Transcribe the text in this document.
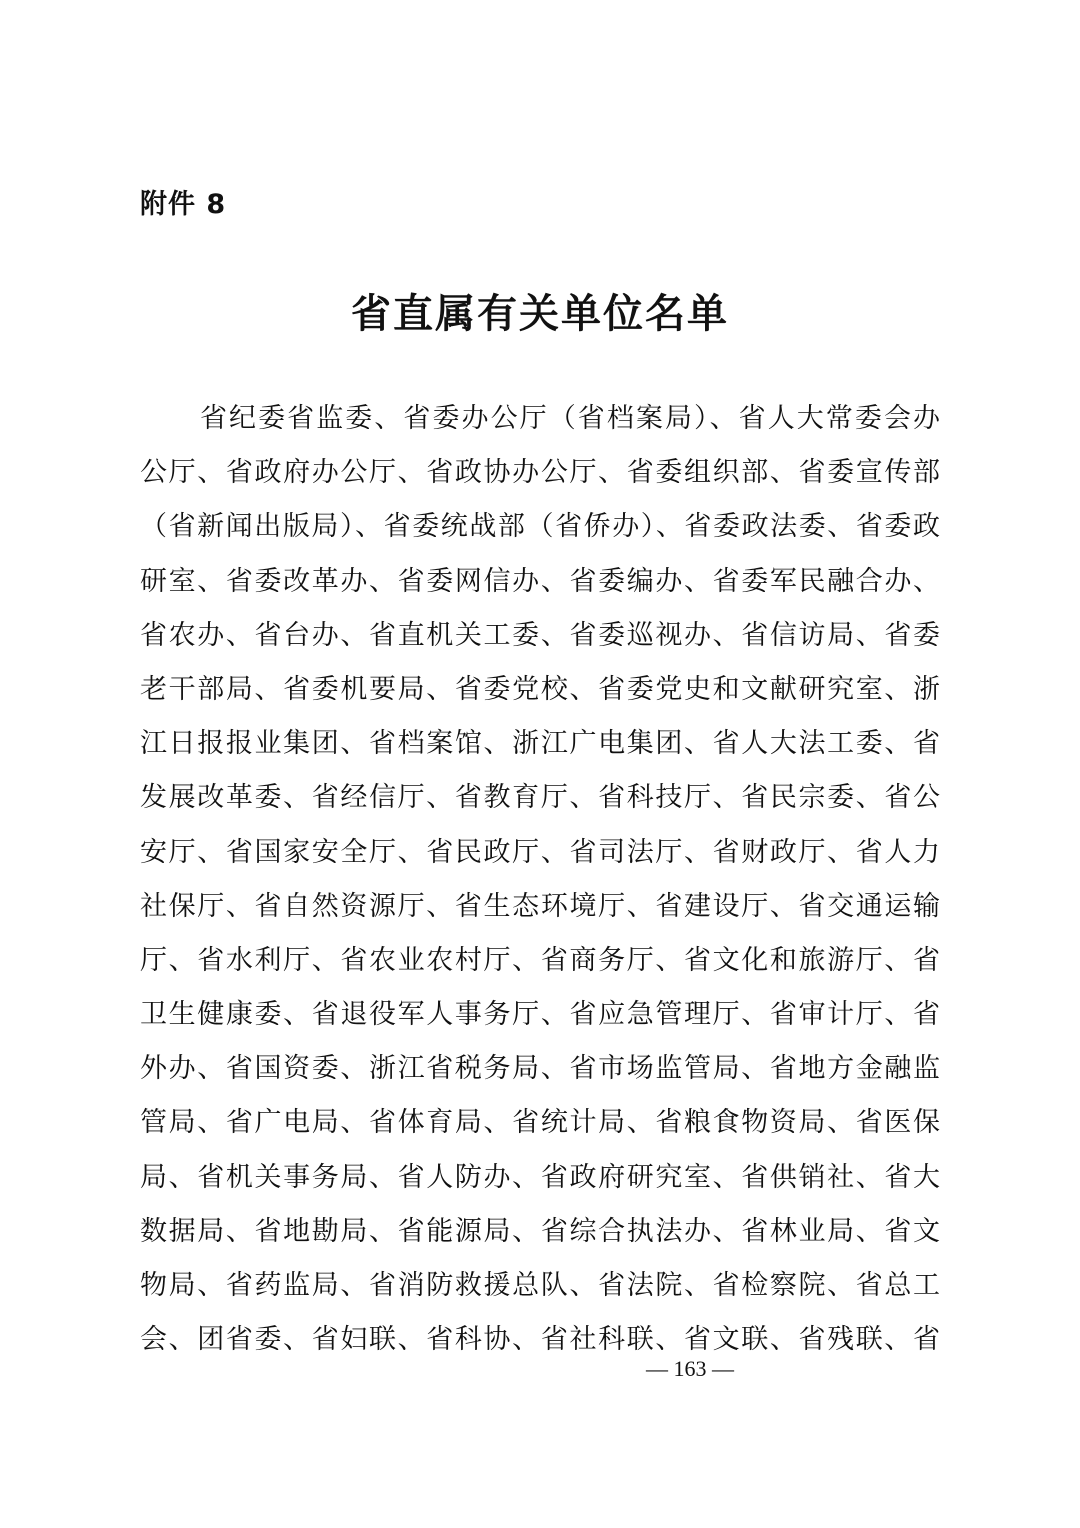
附件 8
省直属有关单位名单
省纪委省监委、省委办公厅（省档案局）、省人大常委会办
公厅、省政府办公厅、省政协办公厅、省委组织部、省委宣传部
（省新闻出版局）、省委统战部（省侨办）、省委政法委、省委政
研室、省委改革办、省委网信办、省委编办、省委军民融合办、
省农办、省台办、省直机关工委、省委巡视办、省信访局、省委
老干部局、省委机要局、省委党校、省委党史和文献研究室、浙
江日报报业集团、省档案馆、浙江广电集团、省人大法工委、省
发展改革委、省经信厅、省教育厅、省科技厅、省民宗委、省公
安厅、省国家安全厅、省民政厅、省司法厅、省财政厅、省人力
社保厅、省自然资源厅、省生态环境厅、省建设厅、省交通运输
厅、省水利厅、省农业农村厅、省商务厅、省文化和旅游厅、省
卫生健康委、省退役军人事务厅、省应急管理厅、省审计厅、省
外办、省国资委、浙江省税务局、省市场监管局、省地方金融监
管局、省广电局、省体育局、省统计局、省粮食物资局、省医保
局、省机关事务局、省人防办、省政府研究室、省供销社、省大
数据局、省地勘局、省能源局、省综合执法办、省林业局、省文
物局、省药监局、省消防救援总队、省法院、省检察院、省总工
会、团省委、省妇联、省科协、省社科联、省文联、省残联、省
— 163 —
